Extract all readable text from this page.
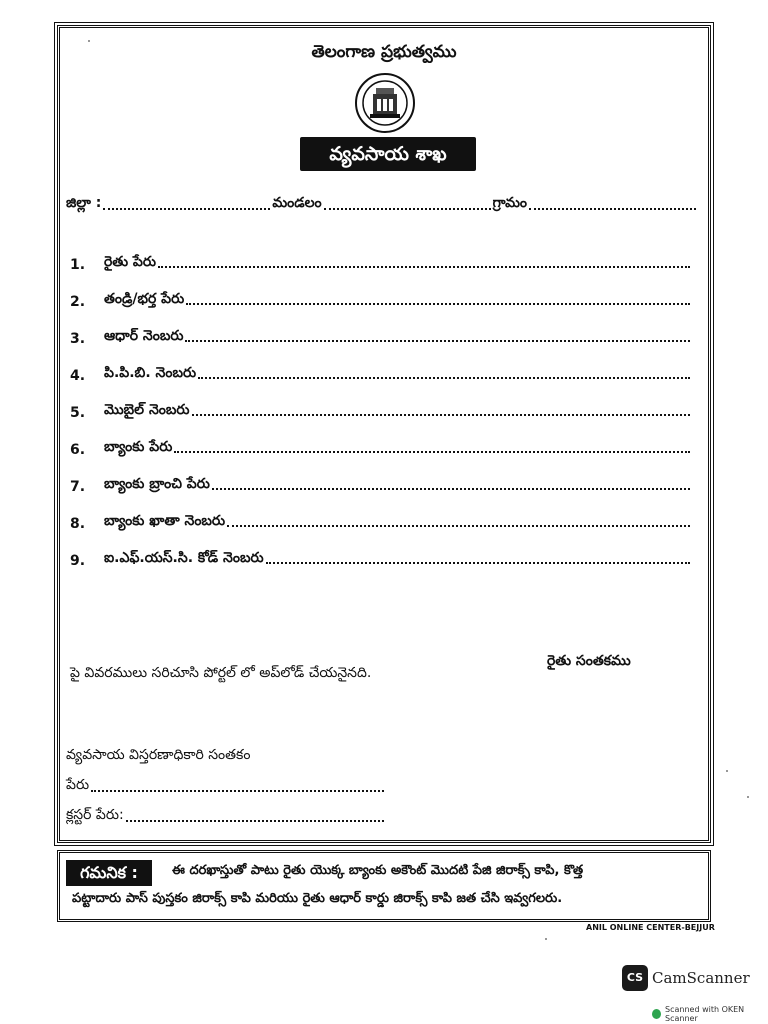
తెలంగాణ ప్రభుత్వము
వ్యవసాయ శాఖ
జిల్లా :	మండలం	గ్రామం
1.	రైతు పేరు
2.	తండ్రి/భర్త పేరు
3.	ఆధార్ నెంబరు
4.	పి.పి.బి. నెంబరు
5.	మొబైల్ నెంబరు
6.	బ్యాంకు పేరు
7.	బ్యాంకు బ్రాంచి పేరు
8.	బ్యాంకు ఖాతా నెంబరు
9.	ఐ.ఎఫ్.యస్.సి. కోడ్ నెంబరు
రైతు సంతకము
పై వివరములు సరిచూసి పోర్టల్ లో అప్‌లోడ్ చేయనైనది.
వ్యవసాయ విస్తరణాధికారి సంతకం
పేరు
క్లస్టర్ పేరు:
గమనిక :	ఈ దరఖాస్తుతో పాటు రైతు యొక్క బ్యాంకు అకౌంట్ మొదటి పేజి జిరాక్స్ కాపి, కొత్త
పట్టాదారు పాస్ పుస్తకం జిరాక్స్ కాపి మరియు రైతు ఆధార్ కార్డు జిరాక్స్ కాపి జత చేసి ఇవ్వగలరు.
ANIL ONLINE CENTER-BEJJUR
CS CamScanner
Scanned with OKEN Scanner
